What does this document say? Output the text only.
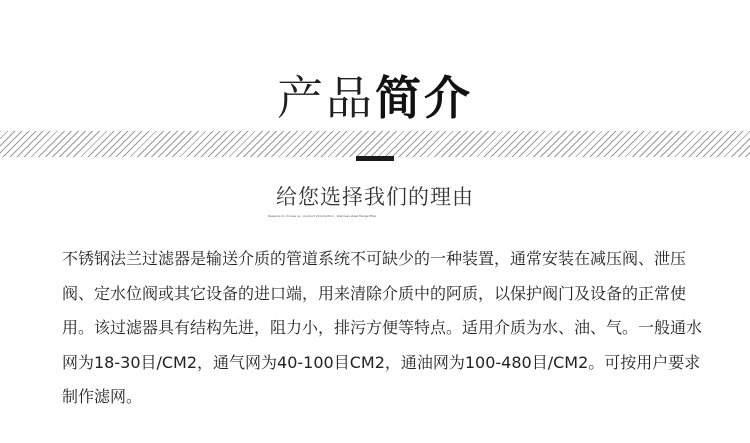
产品简介
给您选择我们的理由
Reasons to choose us · product introduction · stainless steel flange filter

不锈钢法兰过滤器是输送介质的管道系统不可缺少的一种装置，通常安装在减压阀、泄压阀、定水位阀或其它设备的进口端，用来清除介质中的阿质，以保护阀门及设备的正常使用。该过滤器具有结构先进，阻力小，排污方便等特点。适用介质为水、油、气。一般通水网为18-30目/CM2，通气网为40-100目CM2，通油网为100-480目/CM2。可按用户要求制作滤网。
